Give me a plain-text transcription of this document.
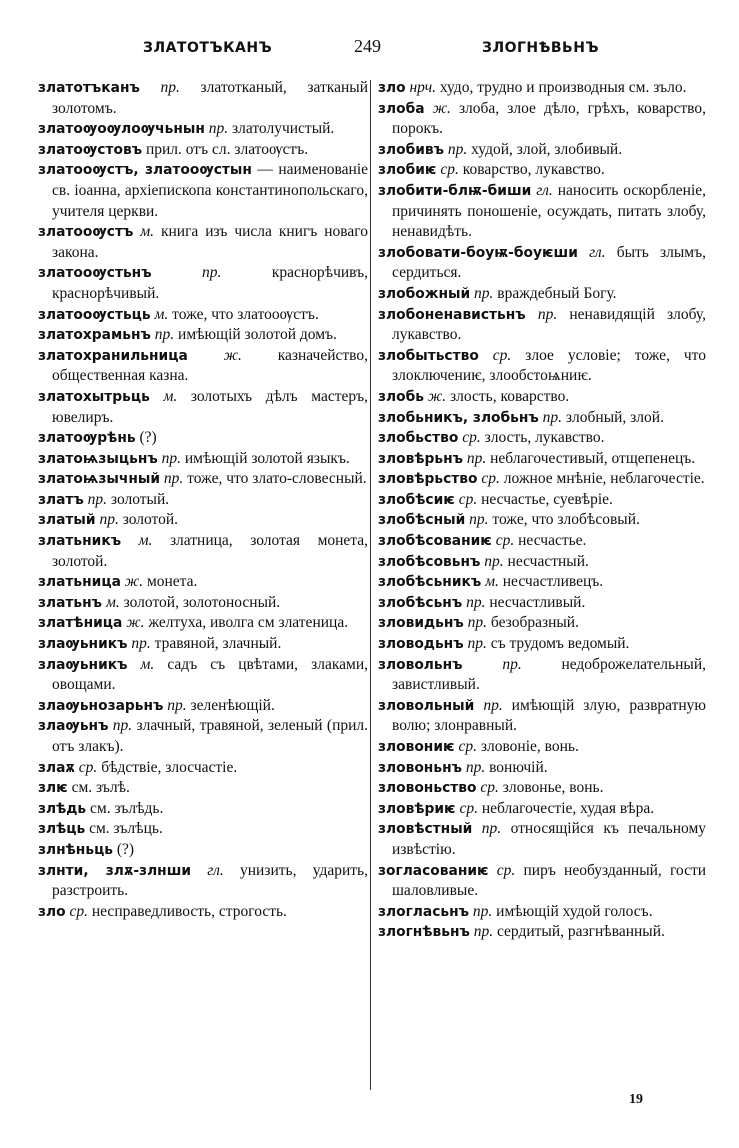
ЗЛАТОТЪКАНЪ	249	ЗЛОГНѢВЬНЪ

златотъканъ пр. златотканый, затканый золотомъ.

златоѹоѹлоѹчьнын пр. златолучистый.

златоѹстовъ прил. отъ сл. златоѹстъ.

златооѹстъ, златооѹстын — наименованіе св. іоанна, архіепископа константинопольскаго, учителя церкви.

златооѹстъ м. книга изъ числа книгъ новаго закона.

златооѹстьнъ	пр.	краснорѣчивъ, краснорѣчивый.

златооѹстьць м. тоже, что златооѹстъ.

златохрамьнъ пр. имѣющій золотой домъ.

златохранильница ж. казначейство, общественная казна.

златохытрьць м. золотыхъ дѣлъ мастеръ, ювелиръ.

златоѹрѣнь (?)

златоѩзыцьнъ пр. имѣющій золотой языкъ.

златоѩзычный пр. тоже, что злато-словесный.

златъ пр. золотый.

златый пр. золотой.

златьникъ м. златница, золотая монета, золотой.

златьница ж. монета.

златьнъ м. золотой, золотоносный.

златѣница ж. желтуха, иволга см златеница.

злаѹьникъ пр. травяной, злачный.

злаѹьникъ м. садъ съ цвѣтами, злаками, овощами.

злаѹьнозарьнъ пр. зеленѣющій.

злаѹьнъ пр. злачный, травяной, зеленый (прил. отъ злакъ).

злаѫ ср. бѣдствіе, злосчастіе.

злѥ см. зълѣ.

злѣдь см. зълѣдь.

злѣць см. зълѣць.

злнѣньць (?)

злнти, злѫ-злнши гл. унизить, ударить, разстроить.

зло ср. несправедливость, строгость.

зло нрч. худо, трудно и производныя см. зъло.

злоба ж. злоба, злое дѣло, грѣхъ, коварство, порокъ.

злобивъ пр. худой, злой, злобивый.

злобиѥ ср. коварство, лукавство.

злобити-блѭ-биши гл. наносить оскорбленіе, причинять поношеніе, осуждать, питать злобу, ненавидѣть.

злобовати-боуѭ-боуѥши гл. быть злымъ, сердиться.

злобожный пр. враждебный Богу.

злобоненавистьнъ пр. ненавидящій злобу, лукавство.

злобытьство ср. злое условіе; тоже, что злоключениѥ, злообстоѩниѥ.

злобь ж. злость, коварство.

злобьникъ, злобьнъ пр. злобный, злой.

злобьство ср. злость, лукавство.

зловѣрьнъ пр. неблагочестивый, отщепенецъ.

зловѣрьство ср. ложное мнѣніе, неблагочестіе.

злобѣсиѥ ср. несчастье, суевѣріе.

злобѣсный пр. тоже, что злобѣсовый.

злобѣсованиѥ ср. несчастье.

злобѣсовьнъ пр. несчастный.

злобѣсьникъ м. несчастливецъ.

злобѣсьнъ пр. несчастливый.

зловидьнъ пр. безобразный.

зловодьнъ пр. съ трудомъ ведомый.

зловольнъ	пр.	недоброжелательный, завистливый.

зловольный пр. имѣющій злую, развратную волю; злонравный.

зловониѥ ср. зловоніе, вонь.

зловоньнъ пр. вонючій.

зловоньство ср. зловонье, вонь.

зловѣриѥ ср. неблагочестіе, худая вѣра.

зловѣстный пр. относящійся къ печальному извѣстію.

зогласованиѥ ср. пиръ необузданный, гости шаловливые.

злогласьнъ пр. имѣющій худой голосъ.

злогнѣвьнъ пр. сердитый, разгнѣванный.

19
